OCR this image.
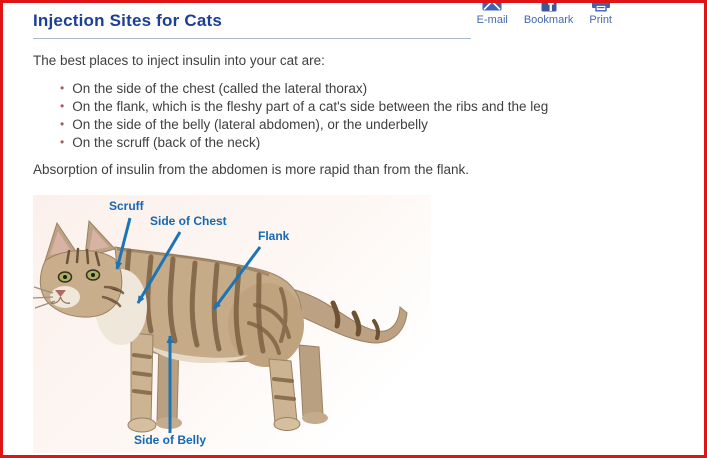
Injection Sites for Cats	E-mail Bookmark Print

The best places to inject insulin into your cat are:

• On the side of the chest (called the lateral thorax)
• On the flank, which is the fleshy part of a cat's side between the ribs and the leg
• On the side of the belly (lateral abdomen), or the underbelly
• On the scruff (back of the neck)

Absorption of insulin from the abdomen is more rapid than from the flank.

Scruff
Side of Chest
Flank
Side of Belly
